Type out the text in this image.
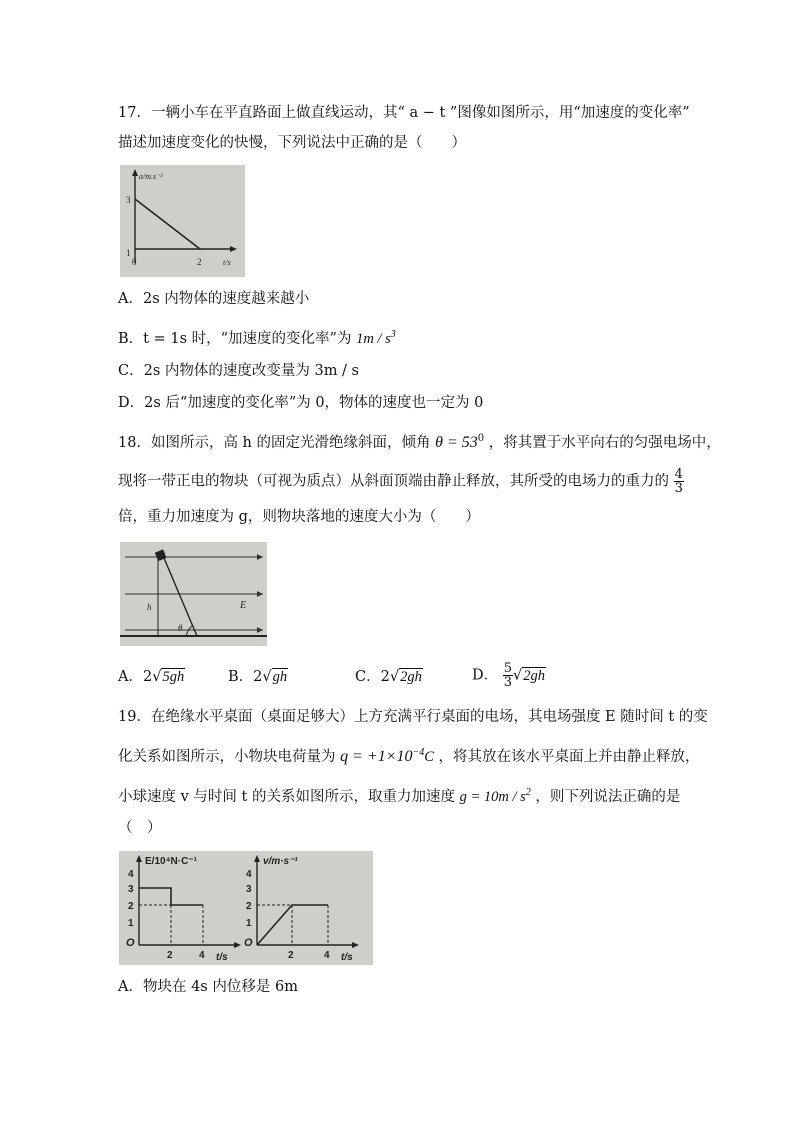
17．一辆小车在平直路面上做直线运动，其“ a − t ”图像如图所示，用“加速度的变化率”
描述加速度变化的快慢，下列说法中正确的是（　　）
a/m.s⁻²
3
1
0	2	t/s
A．2s 内物体的速度越来越小
B．t = 1s 时，“加速度的变化率”为 $1m / s^3$
C．2s 内物体的速度改变量为 3m / s
D．2s 后“加速度的变化率”为 0，物体的速度也一定为 0
18．如图所示，高 h 的固定光滑绝缘斜面，倾角 $\theta = 53^0$ ，将其置于水平向右的匀强电场中，
现将一带正电的物块（可视为质点）从斜面顶端由静止释放，其所受的电场力的重力的 $\frac{4}{3}$
倍，重力加速度为 g，则物块落地的速度大小为（　　）
h	E
θ
A．2√5gh	B．2√gh	C．2√2gh	D． $\frac{5}{3} √2gh$
19．在绝缘水平桌面（桌面足够大）上方充满平行桌面的电场，其电场强度 E 随时间 t 的变
化关系如图所示，小物块电荷量为 $q = +1\times 10^{-4}C$ ，将其放在该水平桌面上并由静止释放，
小球速度 v 与时间 t 的关系如图所示，取重力加速度 $g = 10m / s^2$ ，则下列说法正确的是
（　）
E/10⁴N·C⁻¹
4
3
2
1
O
2	4 t/s
v/m·s⁻¹
4
3
2
1
O
2	4 t/s
A．物块在 4s 内位移是 6m
